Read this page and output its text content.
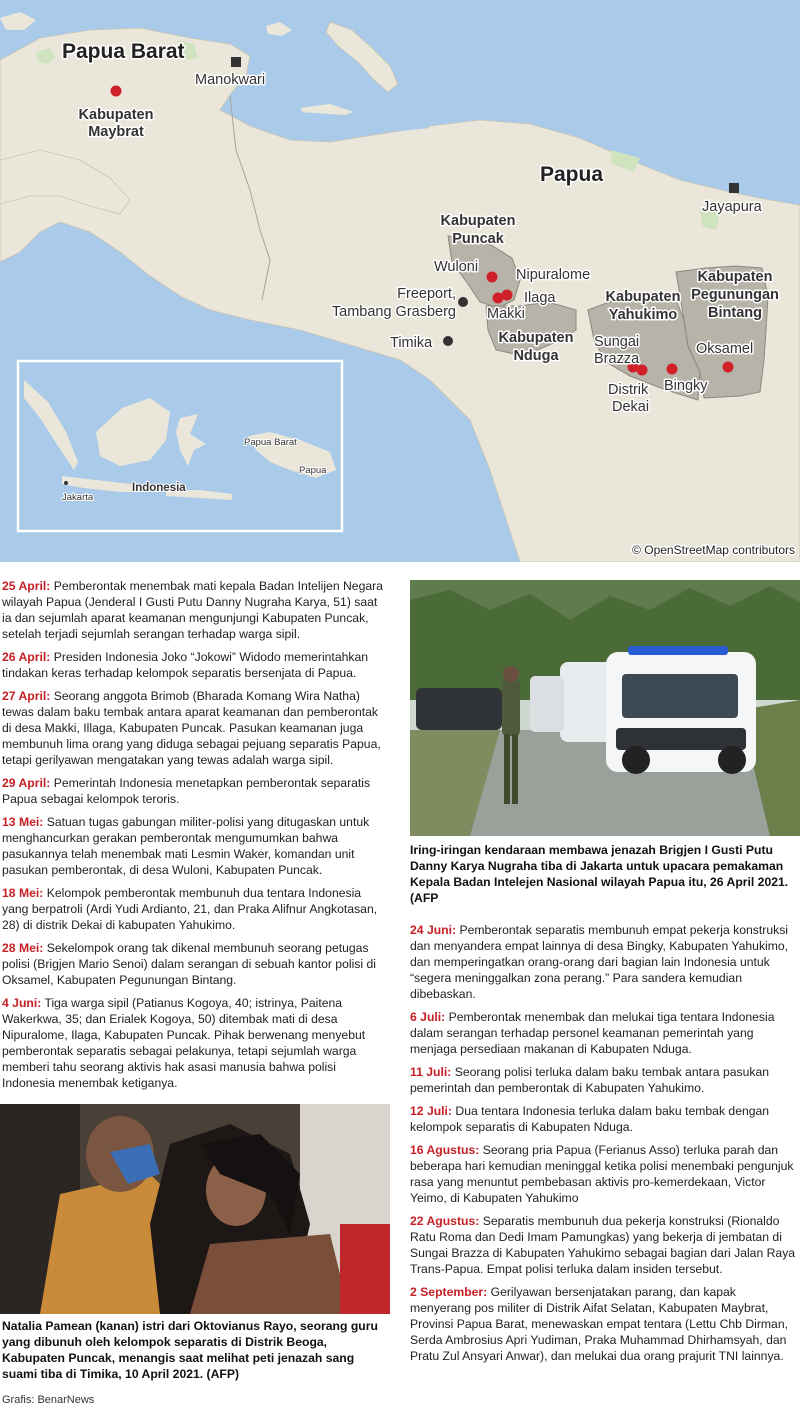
Papua Barat
Papua
Kabupaten
Maybrat
Kabupaten
Puncak
Kabupaten
Nduga
Kabupaten
Yahukimo
Kabupaten
Pegunungan
Bintang
Manokwari
Jayapura
Timika
Freeport,
Tambang Grasberg
Wuloni	Nipuralome
Ilaga
Makki
Sungai
Brazza
Distrik
Dekai
Bingky
Oksamel
Indonesia
Jakarta
Papua Barat
Papua
© OpenStreetMap contributors

25 April: Pemberontak menembak mati kepala Badan Intelijen Negara wilayah Papua (Jenderal I Gusti Putu Danny Nugraha Karya, 51) saat ia dan sejumlah aparat keamanan mengunjungi Kabupaten Puncak, setelah terjadi sejumlah serangan terhadap warga sipil.

26 April: Presiden Indonesia Joko “Jokowi” Widodo memerintahkan tindakan keras terhadap kelompok separatis bersenjata di Papua.

27 April: Seorang anggota Brimob (Bharada Komang Wira Natha) tewas dalam baku tembak antara aparat keamanan dan pemberontak di desa Makki, Illaga, Kabupaten Puncak. Pasukan keamanan juga membunuh lima orang yang diduga sebagai pejuang separatis Papua, tetapi gerilyawan mengatakan yang tewas adalah warga sipil.

29 April: Pemerintah Indonesia menetapkan pemberontak separatis Papua sebagai kelompok teroris.

13 Mei: Satuan tugas gabungan militer-polisi yang ditugaskan untuk menghancurkan gerakan pemberontak mengumumkan bahwa pasukannya telah menembak mati Lesmin Waker, komandan unit pasukan pemberontak, di desa Wuloni, Kabupaten Puncak.

18 Mei: Kelompok pemberontak membunuh dua tentara Indonesia yang berpatroli (Ardi Yudi Ardianto, 21, dan Praka Alifnur Angkotasan, 28) di distrik Dekai di kabupaten Yahukimo.

28 Mei: Sekelompok orang tak dikenal membunuh seorang petugas polisi (Brigjen Mario Senoi) dalam serangan di sebuah kantor polisi di Oksamel, Kabupaten Pegunungan Bintang.

4 Juni: Tiga warga sipil (Patianus Kogoya, 40; istrinya, Paitena Wakerkwa, 35; dan Erialek Kogoya, 50) ditembak mati di desa Nipuralome, Ilaga, Kabupaten Puncak. Pihak berwenang menyebut pemberontak separatis sebagai pelakunya, tetapi sejumlah warga memberi tahu seorang aktivis hak asasi manusia bahwa polisi Indonesia menembak ketiganya.

Iring-iringan kendaraan membawa jenazah Brigjen I Gusti Putu Danny Karya Nugraha tiba di Jakarta untuk upacara pemakaman Kepala Badan Intelejen Nasional wilayah Papua itu, 26 April 2021. (AFP

24 Juni: Pemberontak separatis membunuh empat pekerja konstruksi dan menyandera empat lainnya di desa Bingky, Kabupaten Yahukimo, dan memperingatkan orang-orang dari bagian lain Indonesia untuk “segera meninggalkan zona perang.” Para sandera kemudian dibebaskan.

6 Juli: Pemberontak menembak dan melukai tiga tentara Indonesia dalam serangan terhadap personel keamanan pemerintah yang menjaga persediaan makanan di Kabupaten Nduga.

11 Juli: Seorang polisi terluka dalam baku tembak antara pasukan pemerintah dan pemberontak di Kabupaten Yahukimo.

12 Juli: Dua tentara Indonesia terluka dalam baku tembak dengan kelompok separatis di Kabupaten Nduga.

16 Agustus: Seorang pria Papua (Ferianus Asso) terluka parah dan beberapa hari kemudian meninggal ketika polisi menembaki pengunjuk rasa yang menuntut pembebasan aktivis pro-kemerdekaan, Victor Yeimo, di Kabupaten Yahukimo

22 Agustus: Separatis membunuh dua pekerja konstruksi (Rionaldo Ratu Roma dan Dedi Imam Pamungkas) yang bekerja di jembatan di Sungai Brazza di Kabupaten Yahukimo sebagai bagian dari Jalan Raya Trans-Papua. Empat polisi terluka dalam insiden tersebut.

2 September: Gerilyawan bersenjatakan parang, dan kapak menyerang pos militer di Distrik Aifat Selatan, Kabupaten Maybrat, Provinsi Papua Barat, menewaskan empat tentara (Lettu Chb Dirman, Serda Ambrosius Apri Yudiman, Praka Muhammad Dhirhamsyah, dan Pratu Zul Ansyari Anwar), dan melukai dua orang prajurit TNI lainnya.

Natalia Pamean (kanan) istri dari Oktovianus Rayo, seorang guru yang dibunuh oleh kelompok separatis di Distrik Beoga, Kabupaten Puncak, menangis saat melihat peti jenazah sang suami tiba di Timika, 10 April 2021. (AFP)
Grafis: BenarNews
